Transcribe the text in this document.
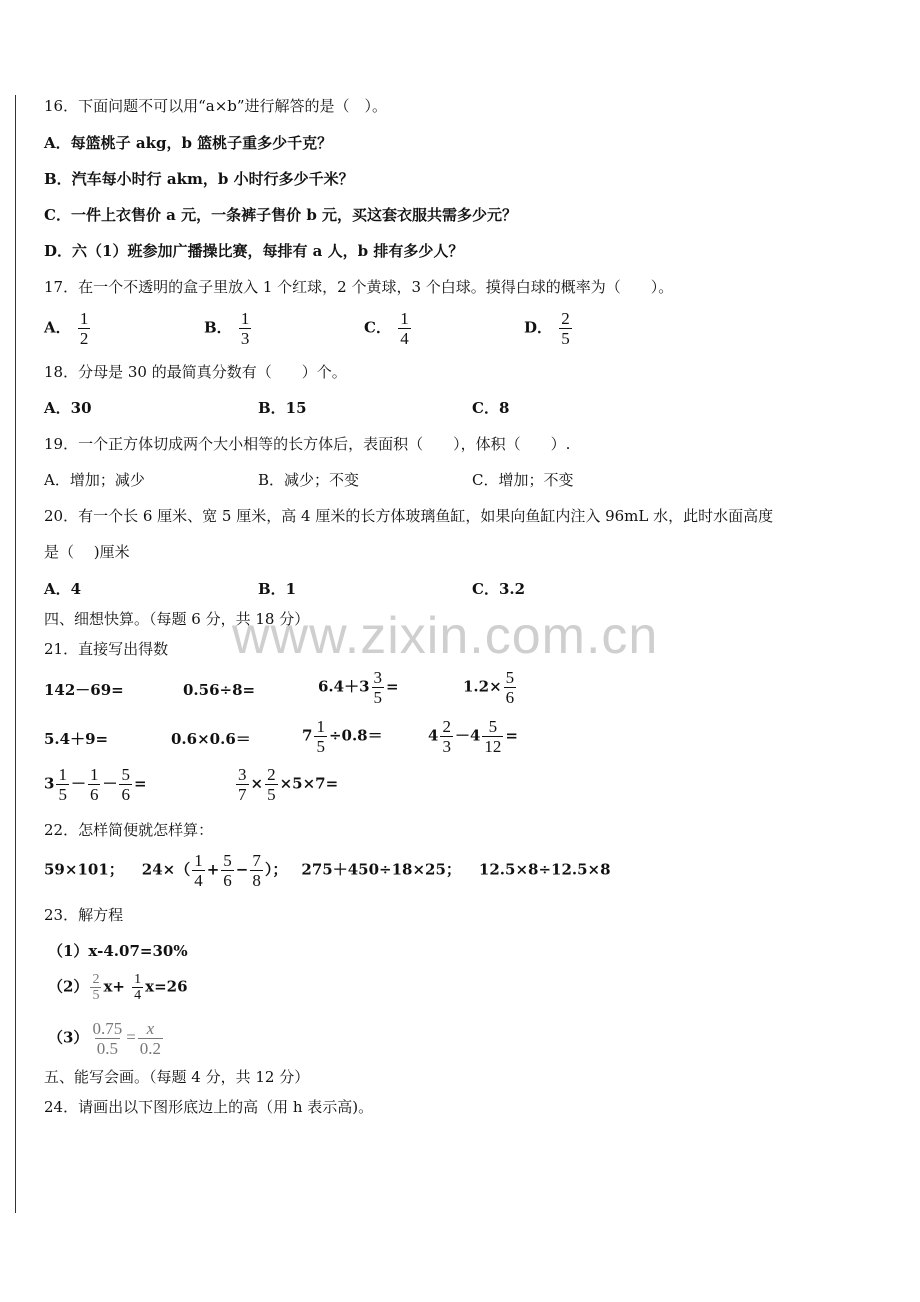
16．下面问题不可以用“a×b”进行解答的是（　）。
A．每篮桃子 akg，b 篮桃子重多少千克？
B．汽车每小时行 akm，b 小时行多少千米？
C．一件上衣售价 a 元，一条裤子售价 b 元，买这套衣服共需多少元？
D．六（1）班参加广播操比赛，每排有 a 人，b 排有多少人？
17．在一个不透明的盒子里放入 1 个红球，2 个黄球，3 个白球。摸得白球的概率为（　　）。
A． $\frac{1}{2}$	B． $\frac{1}{3}$	C． $\frac{1}{4}$	D． $\frac{2}{5}$
18．分母是 30 的最简真分数有（　　）个。
A．30	B．15	C．8
19．一个正方体切成两个大小相等的长方体后，表面积（　　），体积（　　）.
A．增加；减少	B．减少；不变	C．增加；不变
20．有一个长 6 厘米、宽 5 厘米，高 4 厘米的长方体玻璃鱼缸，如果向鱼缸内注入 96mL 水，此时水面高度
是（　 )厘米
A．4	B．1	C．3.2
四、细想快算。（每题 6 分，共 18 分）
www.zixin.com.cn
21．直接写出得数
142－69=	0.56÷8=	$6.4+3 \frac{3}{5}$ =	$1.2\times \frac{5}{6}$
5.4＋9=	0.6×0.6＝	$7 \frac{1}{5} \div 0.8=$	$4 \frac{2}{3} -4 \frac{5}{12}$ =
$3 \frac{1}{5} - \frac{1}{6} - \frac{5}{6}$ =	$\frac{3}{7} \times \frac{2}{5} \times 5\times 7=$
22．怎样简便就怎样算：
59×101； $24\times( \frac{1}{4} + \frac{5}{6} - \frac{7}{8}$ ）； 275＋450÷18×25； 12.5×8÷12.5×8
23．解方程
（1）x-4.07=30%
$(2) \frac{2}{5} x+ \frac{1}{4} x=26$
$(3) \frac{0.75}{0.5} = \frac{x}{0.2}$
五、能写会画。（每题 4 分，共 12 分）
24．请画出以下图形底边上的高（用 h 表示高)。
